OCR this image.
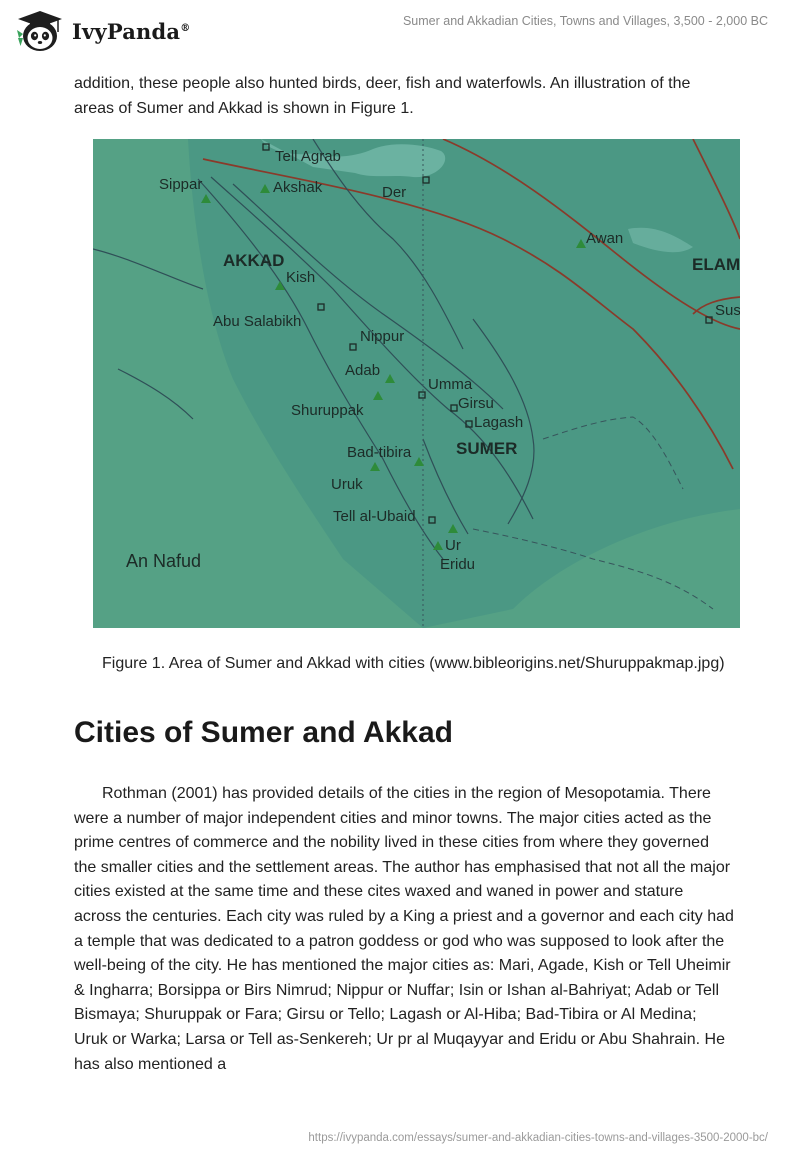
IvyPanda®	Sumer and Akkadian Cities, Towns and Villages, 3,500 - 2,000 BC

addition, these people also hunted birds, deer, fish and waterfowls. An illustration of the areas of Sumer and Akkad is shown in Figure 1.

Tell Agrab
Sippar	Akshak	Der
Awan
ELAM
AKKAD
Kish
Sus
Abu Salabikh
Nippur
Adab
Umma
Girsu
Lagash
Shuruppak
SUMER
Bad-tibira
Uruk
Tell al-Ubaid
Ur
Eridu
An Nafud

Figure 1. Area of Sumer and Akkad with cities (www.bibleorigins.net/Shuruppakmap.jpg)

Cities of Sumer and Akkad

Rothman (2001) has provided details of the cities in the region of Mesopotamia. There were a number of major independent cities and minor towns. The major cities acted as the prime centres of commerce and the nobility lived in these cities from where they governed the smaller cities and the settlement areas. The author has emphasised that not all the major cities existed at the same time and these cites waxed and waned in power and stature across the centuries. Each city was ruled by a King a priest and a governor and each city had a temple that was dedicated to a patron goddess or god who was supposed to look after the well-being of the city. He has mentioned the major cities as: Mari, Agade, Kish or Tell Uheimir & Ingharra; Borsippa or Birs Nimrud; Nippur or Nuffar; Isin or Ishan al-Bahriyat; Adab or Tell Bismaya; Shuruppak or Fara; Girsu or Tello; Lagash or Al-Hiba; Bad-Tibira or Al Medina; Uruk or Warka; Larsa or Tell as-Senkereh; Ur pr al Muqayyar and Eridu or Abu Shahrain. He has also mentioned a

https://ivypanda.com/essays/sumer-and-akkadian-cities-towns-and-villages-3500-2000-bc/
